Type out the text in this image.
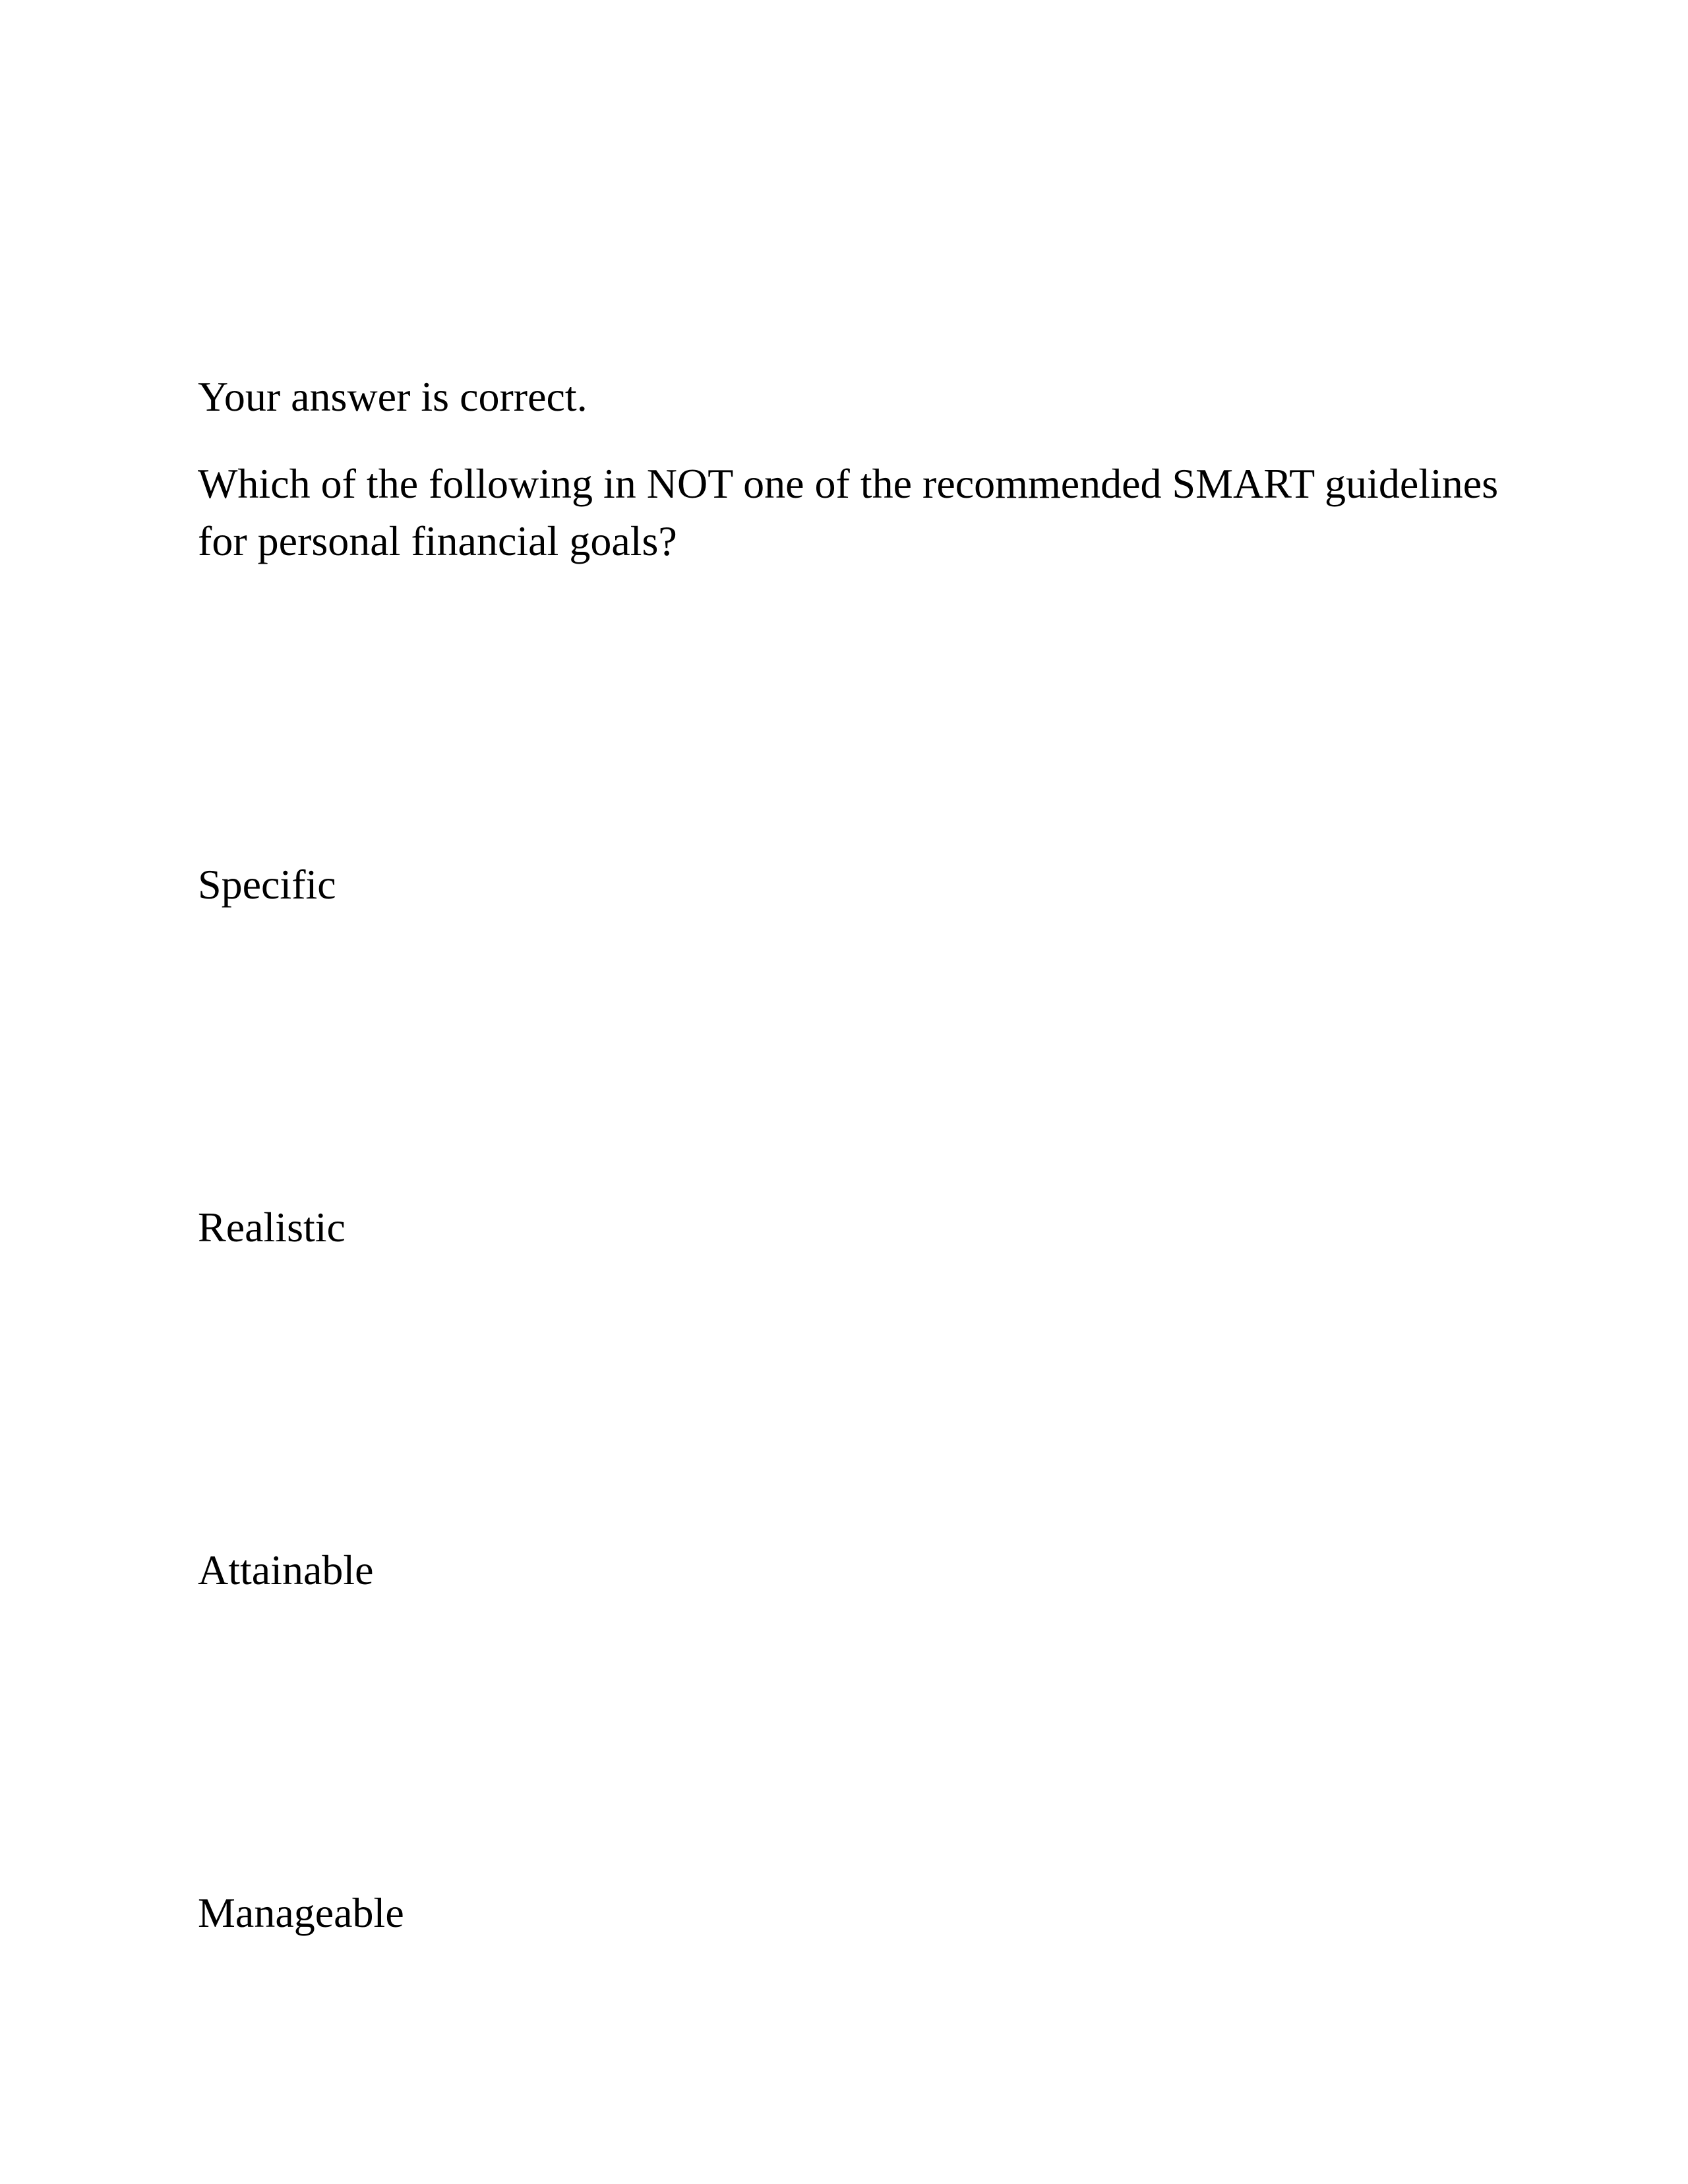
Your answer is correct.

Which of the following in NOT one of the recommended SMART guidelines for personal financial goals?

Specific

Realistic

Attainable

Manageable
